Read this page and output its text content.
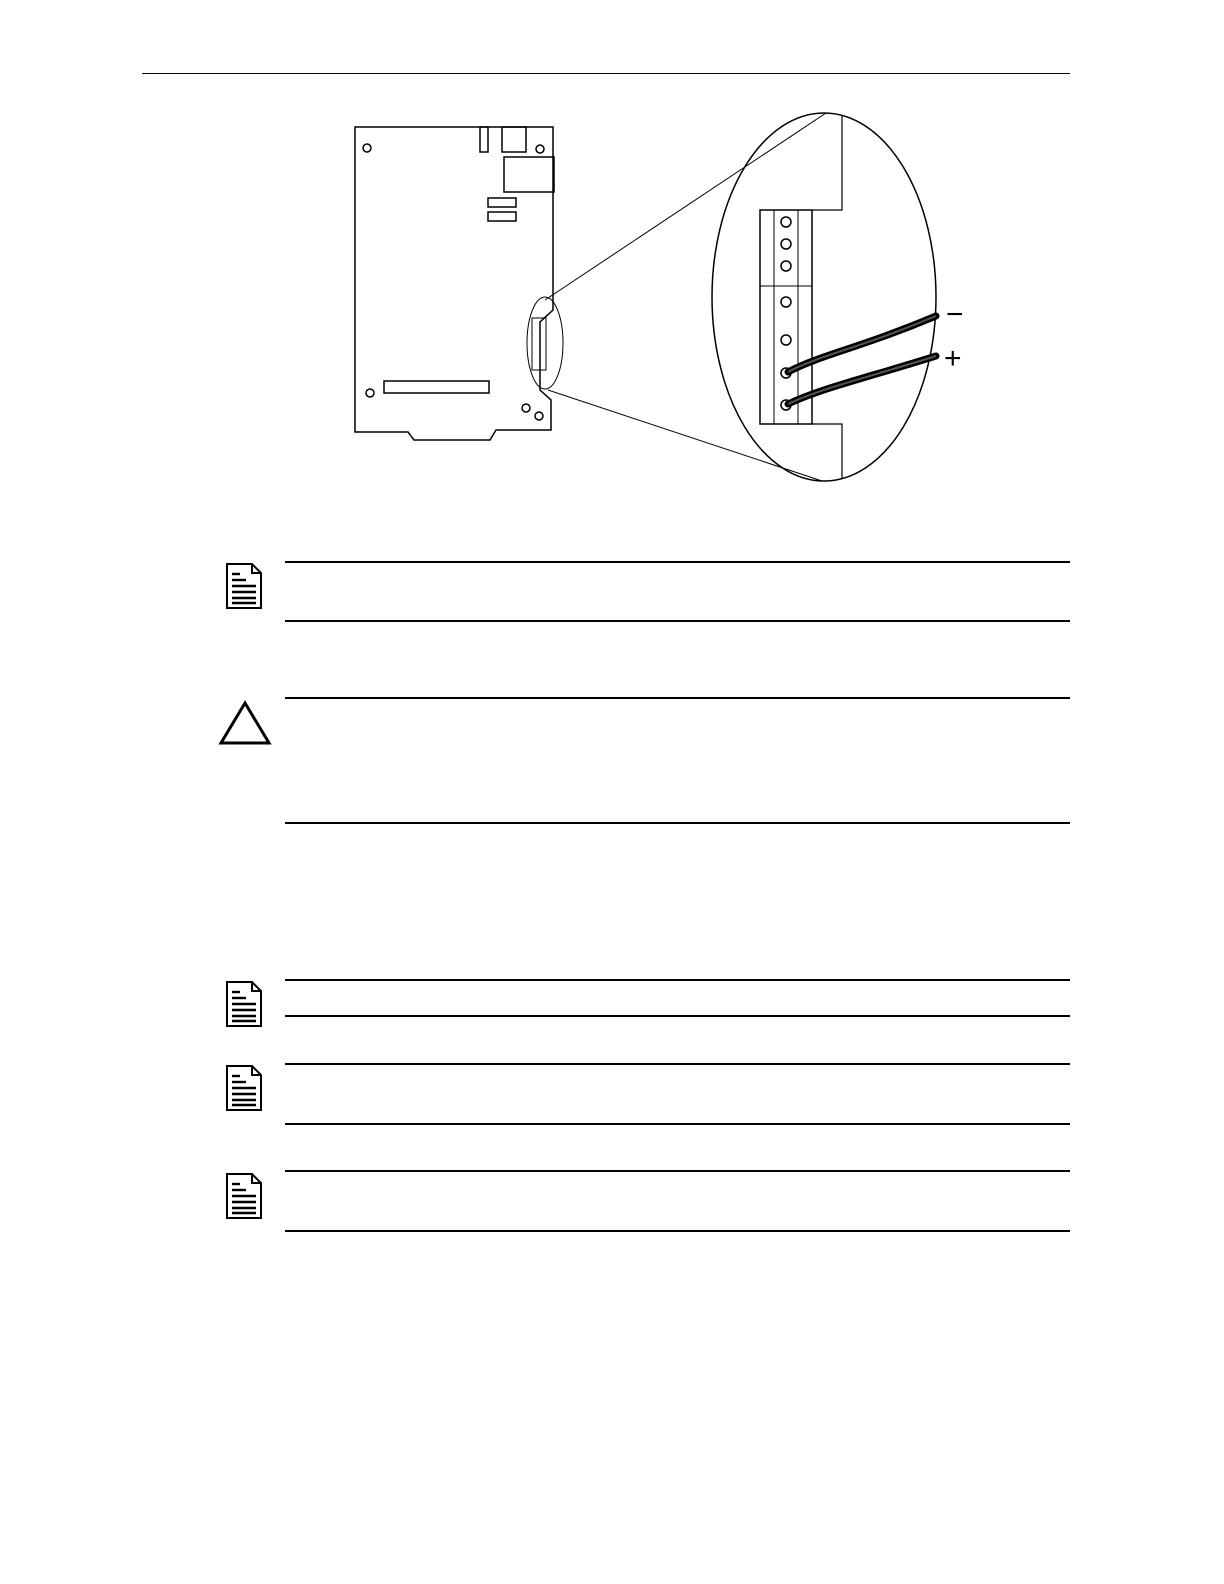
−
+
